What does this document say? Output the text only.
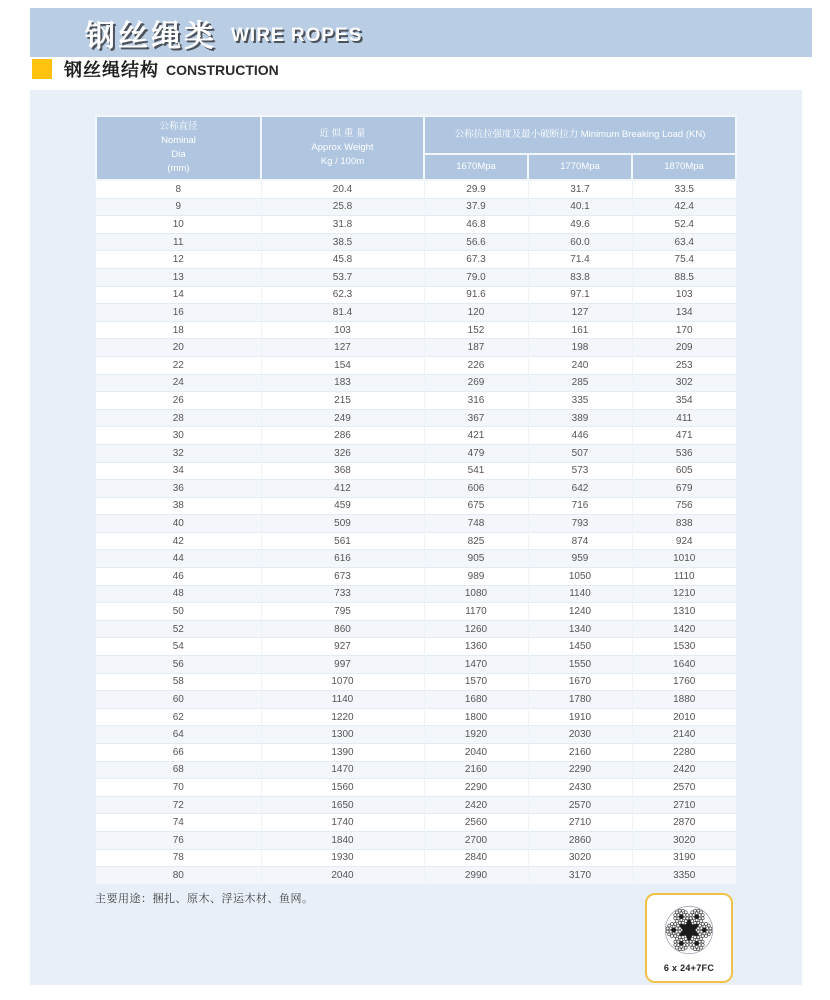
钢丝绳类 WIRE ROPES
钢丝绳结构 CONSTRUCTION
公称直径
Nominal
Dia
(mm)

近 似 重 量
Approx Weight
Kg / 100m
	公称抗拉强度及最小破断拉力 Minimum Breaking Load (KN)
		1670Mpa	1770Mpa	1870Mpa
8	20.4	29.9	31.7	33.5
9	25.8	37.9	40.1	42.4
10	31.8	46.8	49.6	52.4
11	38.5	56.6	60.0	63.4
12	45.8	67.3	71.4	75.4
13	53.7	79.0	83.8	88.5
14	62.3	91.6	97.1	103
16	81.4	120	127	134
18	103	152	161	170
20	127	187	198	209
22	154	226	240	253
24	183	269	285	302
26	215	316	335	354
28	249	367	389	411
30	286	421	446	471
32	326	479	507	536
34	368	541	573	605
36	412	606	642	679
38	459	675	716	756
40	509	748	793	838
42	561	825	874	924
44	616	905	959	1010
46	673	989	1050	1110
48	733	1080	1140	1210
50	795	1170	1240	1310
52	860	1260	1340	1420
54	927	1360	1450	1530
56	997	1470	1550	1640
58	1070	1570	1670	1760
60	1140	1680	1780	1880
62	1220	1800	1910	2010
64	1300	1920	2030	2140
66	1390	2040	2160	2280
68	1470	2160	2290	2420
70	1560	2290	2430	2570
72	1650	2420	2570	2710
74	1740	2560	2710	2870
76	1840	2700	2860	3020
78	1930	2840	3020	3190
80	2040	2990	3170	3350
主要用途：捆扎、原木、浮运木材、鱼网。
6 x 24+7FC
